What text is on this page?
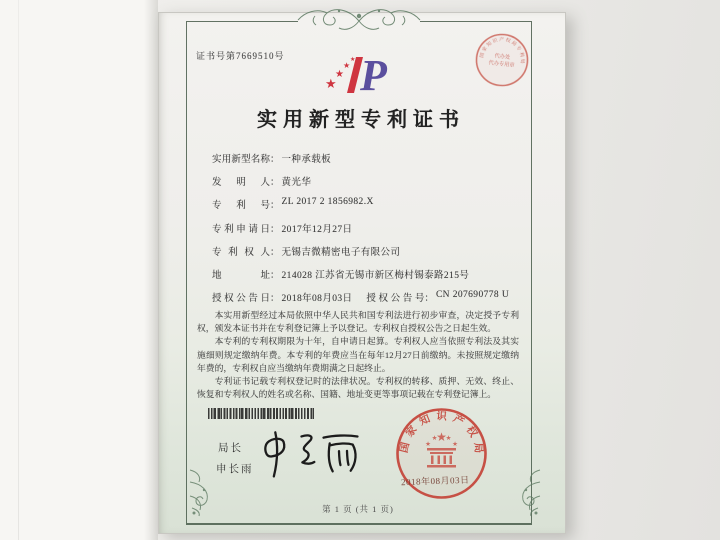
证书号第7669510号
★
★
★
★ P	国家知识产权局专利局
代办处
代办专用章
实用新型专利证书
实用新型名称 ： 一种承载板
发明人 ： 黄光华
专利号 ： ZL 2017 2 1856982.X
专利申请日 ： 2017年12月27日
专利权人 ： 无锡吉微精密电子有限公司
地址 ： 214028 江苏省无锡市新区梅村锡泰路215号
授权公告日 ： 2018年08月03日 授权公告号 ： CN 207690778 U

本实用新型经过本局依照中华人民共和国专利法进行初步审查，决定授予专利权，颁发本证书并在专利登记簿上予以登记。专利权自授权公告之日起生效。

本专利的专利权期限为十年，自申请日起算。专利权人应当依照专利法及其实施细则规定缴纳年费。本专利的年费应当在每年12月27日前缴纳。未按照规定缴纳年费的，专利权自应当缴纳年费期满之日起终止。

专利证书记载专利权登记时的法律状况。专利权的转移、质押、无效、终止、恢复和专利权人的姓名或名称、国籍、地址变更等事项记载在专利登记簿上。

局长
申长雨
国家知识产权局
★
★
★ ★
★
2018年08月03日
第 1 页 (共 1 页)
